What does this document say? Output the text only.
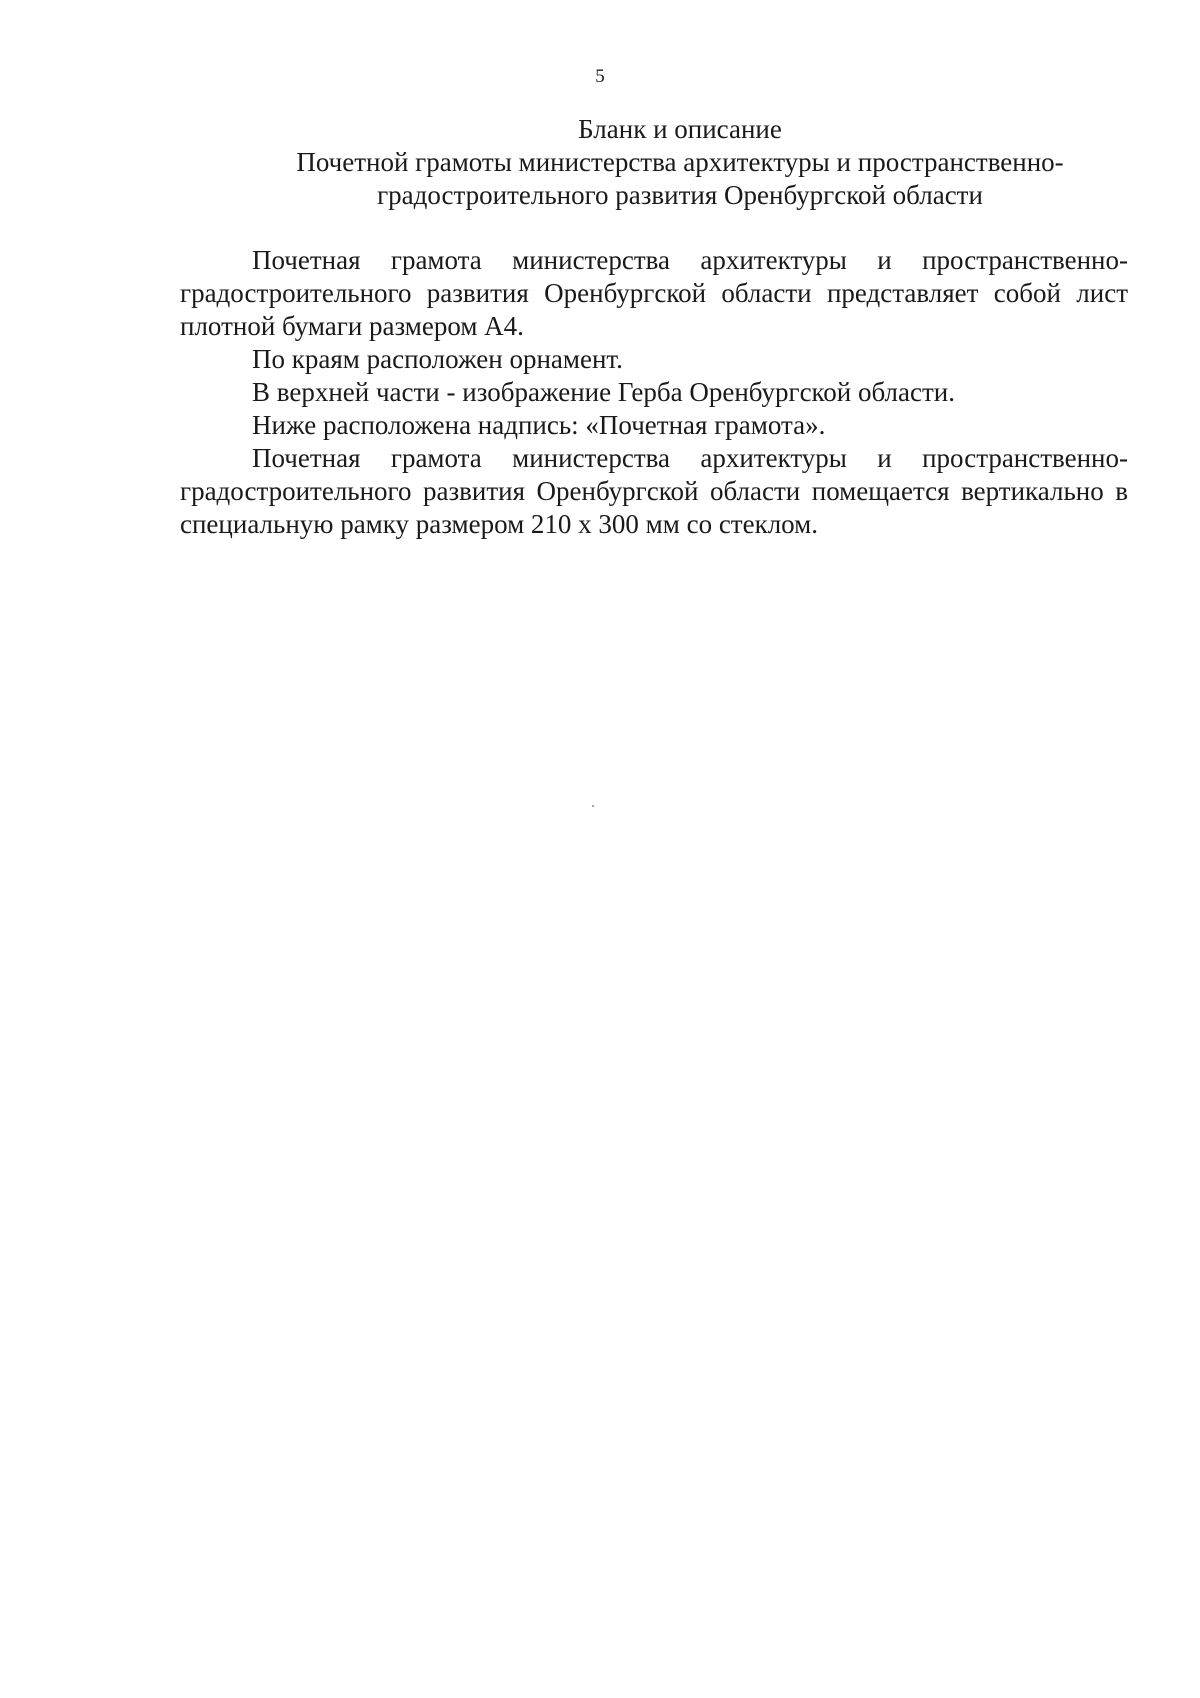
5
Бланк и описание
Почетной грамоты министерства архитектуры и пространственно-
градостроительного развития Оренбургской области

Почетная грамота министерства архитектуры и пространственно-градостроительного развития Оренбургской области представляет собой лист плотной бумаги размером А4.

По краям расположен орнамент.

В верхней части - изображение Герба Оренбургской области.

Ниже расположена надпись: «Почетная грамота».

Почетная грамота министерства архитектуры и пространственно-градостроительного развития Оренбургской области помещается вертикально в специальную рамку размером 210 х 300 мм со стеклом.
